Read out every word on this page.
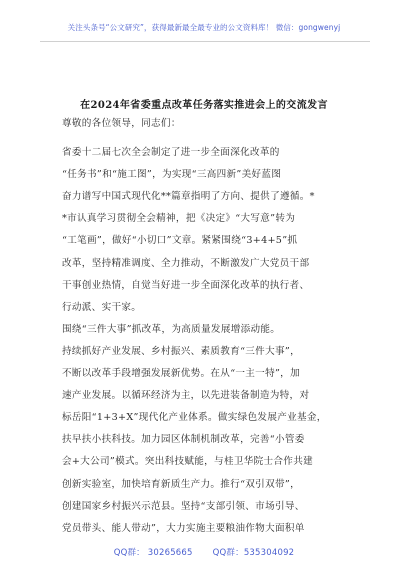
关注头条号“公文研究”，获得最新最全最专业的公文资料库！ 微信：gongwenyj
在2024年省委重点改革任务落实推进会上的交流发言
尊敬的各位领导，同志们：
省委十二届七次全会制定了进一步全面深化改革的
“任务书”和“施工图”，为实现“三高四新”美好蓝图
奋力谱写中国式现代化**篇章指明了方向、提供了遵循。*
*市认真学习贯彻全会精神，把《决定》“大写意”转为
“工笔画”，做好“小切口”文章。紧紧围绕“3+4+5”抓
改革，坚持精准调度、全力推动，不断激发广大党员干部
干事创业热情，自觉当好进一步全面深化改革的执行者、
行动派、实干家。
围绕“三件大事”抓改革，为高质量发展增添动能。
持续抓好产业发展、乡村振兴、素质教育“三件大事”，
不断以改革手段增强发展新优势。在从“一主一特”，加
速产业发展。以循环经济为主，以先进装备制造为特，对
标岳阳“1+3+X”现代化产业体系。做实绿色发展产业基金，
扶早扶小扶科技。加力园区体制机制改革，完善“小管委
会+大公司”模式。突出科技赋能，与桂卫华院士合作共建
创新实验室，加快培育新质生产力。推行“双引双带”，
创建国家乡村振兴示范县。坚持“支部引领、市场引导、
党员带头、能人带动”，大力实施主要粮油作物大面积单
QQ群： 30265665 QQ群：535304092
